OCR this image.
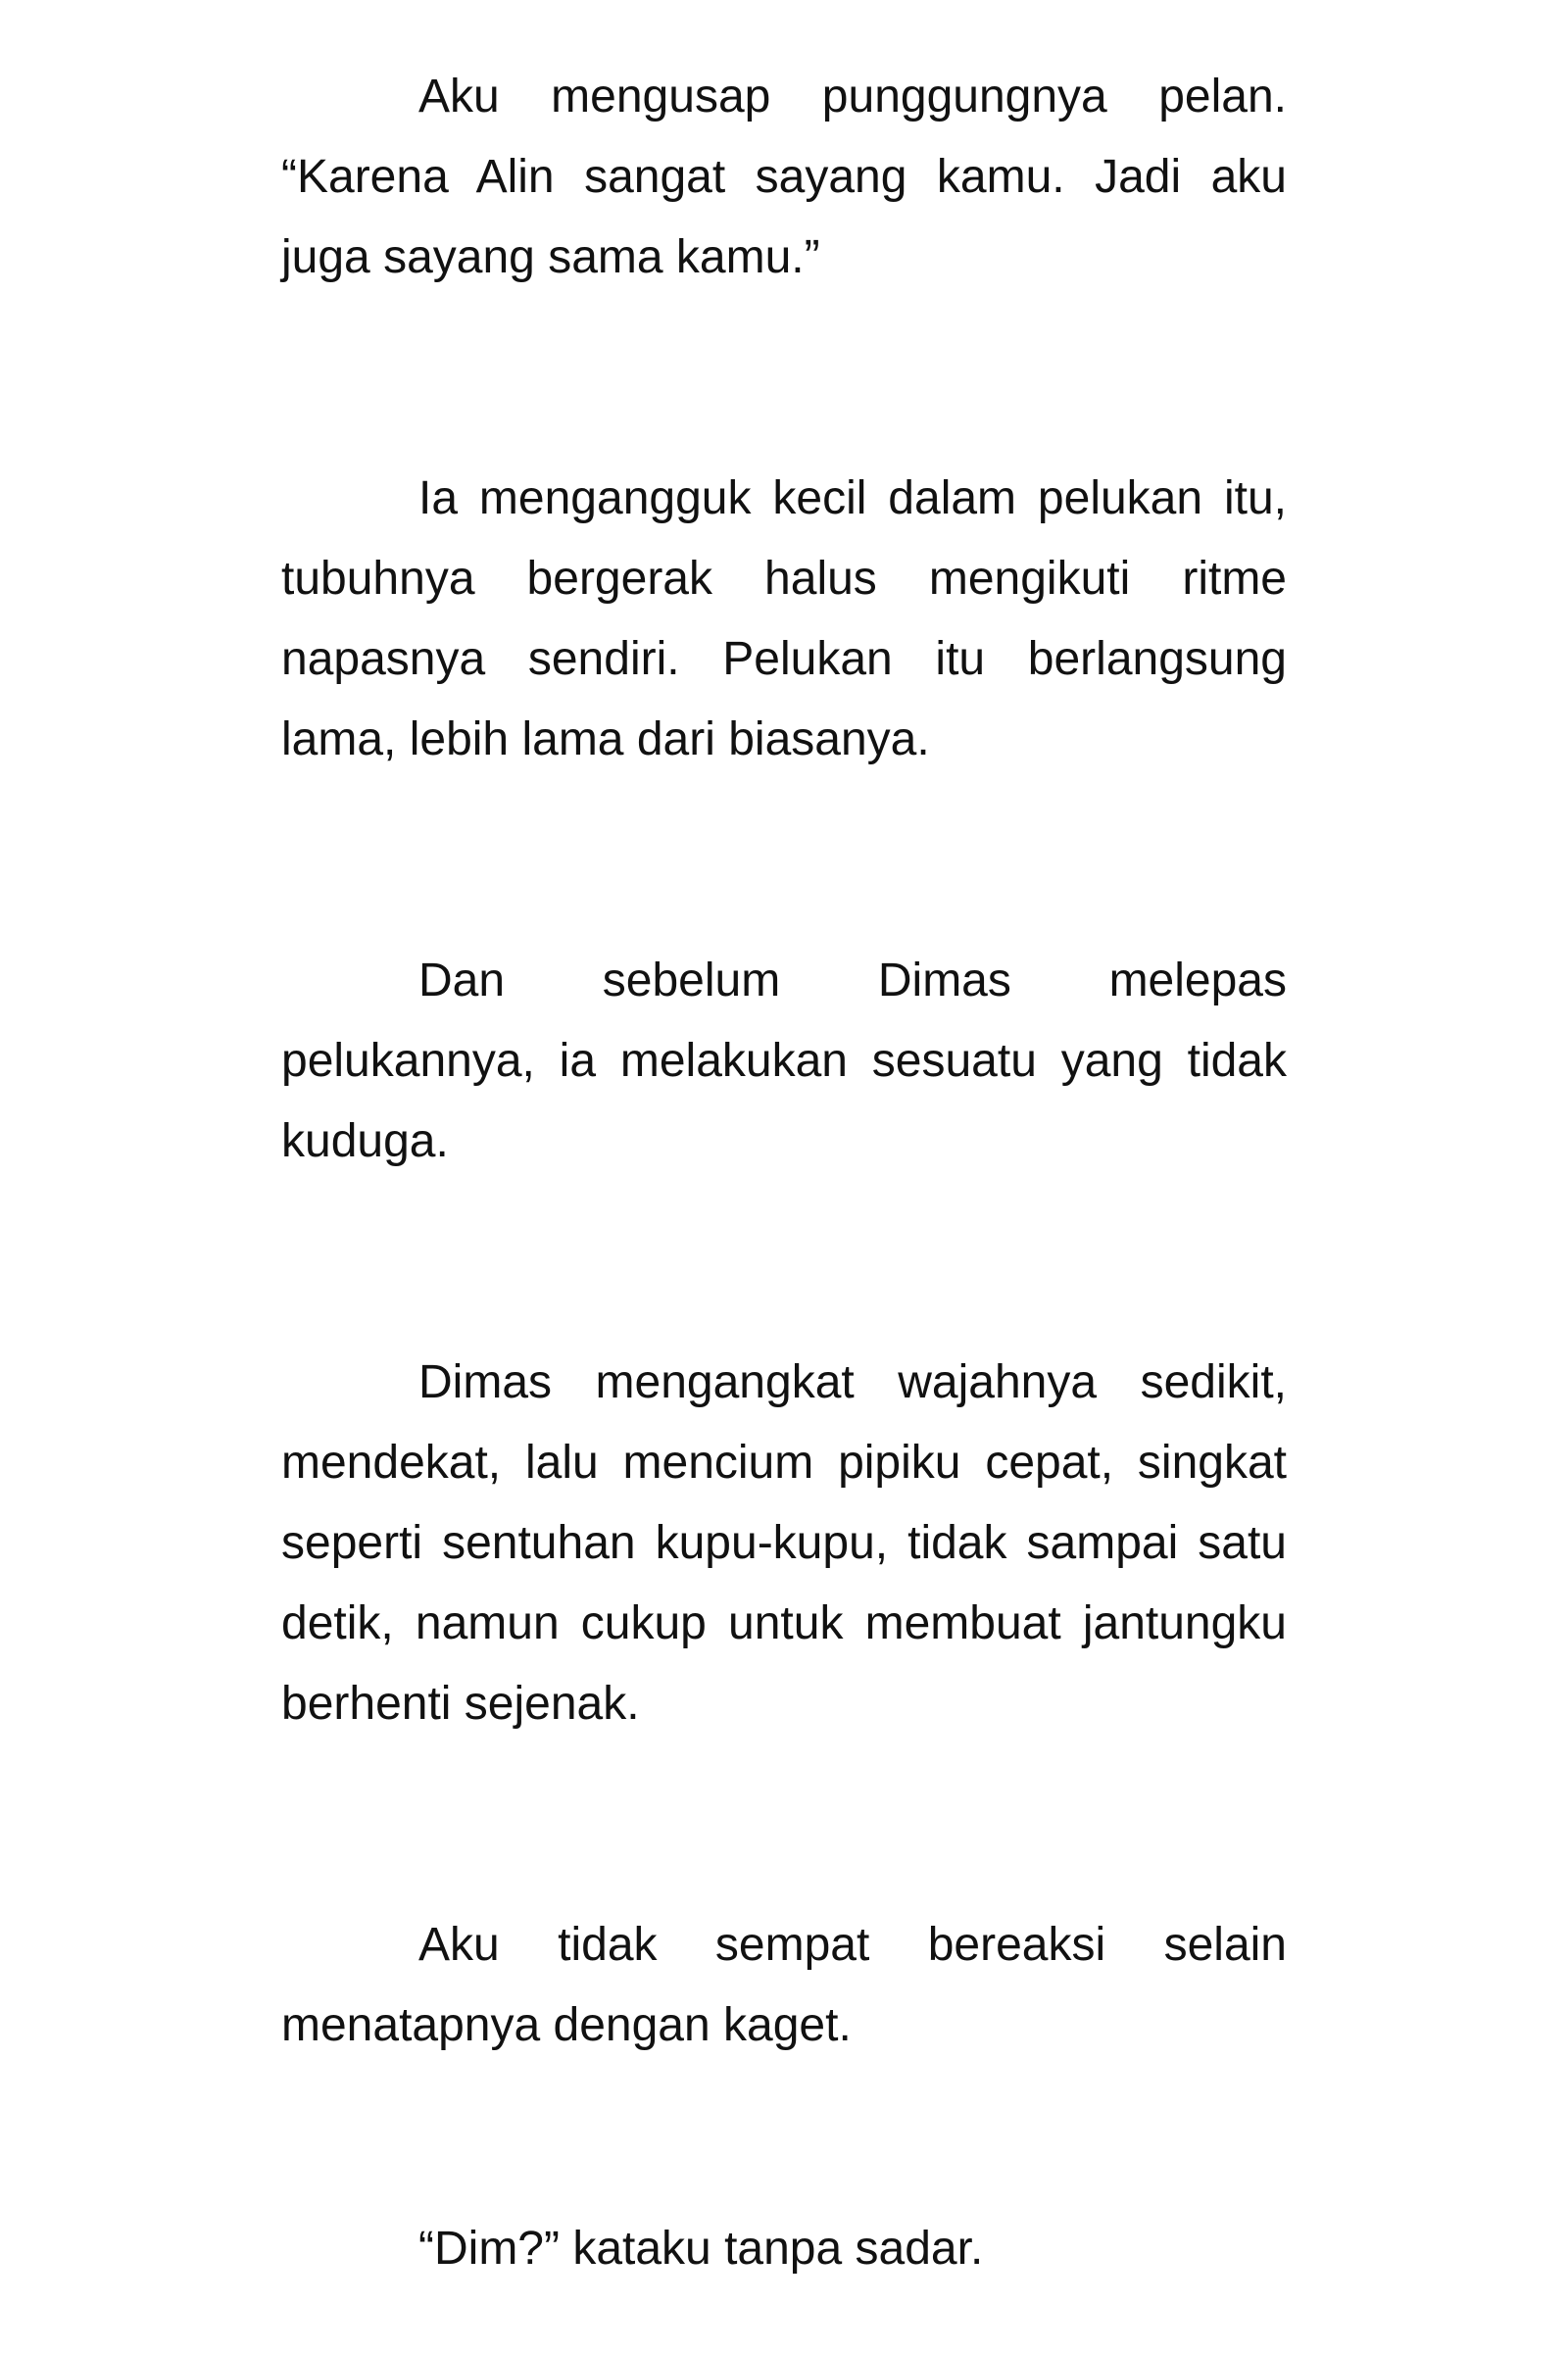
Aku mengusap punggungnya pelan. “Karena Alin sangat sayang kamu. Jadi aku juga sayang sama kamu.”

Ia mengangguk kecil dalam pelukan itu, tubuhnya bergerak halus mengikuti ritme napasnya sendiri. Pelukan itu berlangsung lama, lebih lama dari biasanya.

Dan sebelum Dimas melepas pelukannya, ia melakukan sesuatu yang tidak kuduga.

Dimas mengangkat wajahnya sedikit, mendekat, lalu mencium pipiku cepat, singkat seperti sentuhan kupu-kupu, tidak sampai satu detik, namun cukup untuk membuat jantungku berhenti sejenak.

Aku tidak sempat bereaksi selain menatapnya dengan kaget.

“Dim?” kataku tanpa sadar.
